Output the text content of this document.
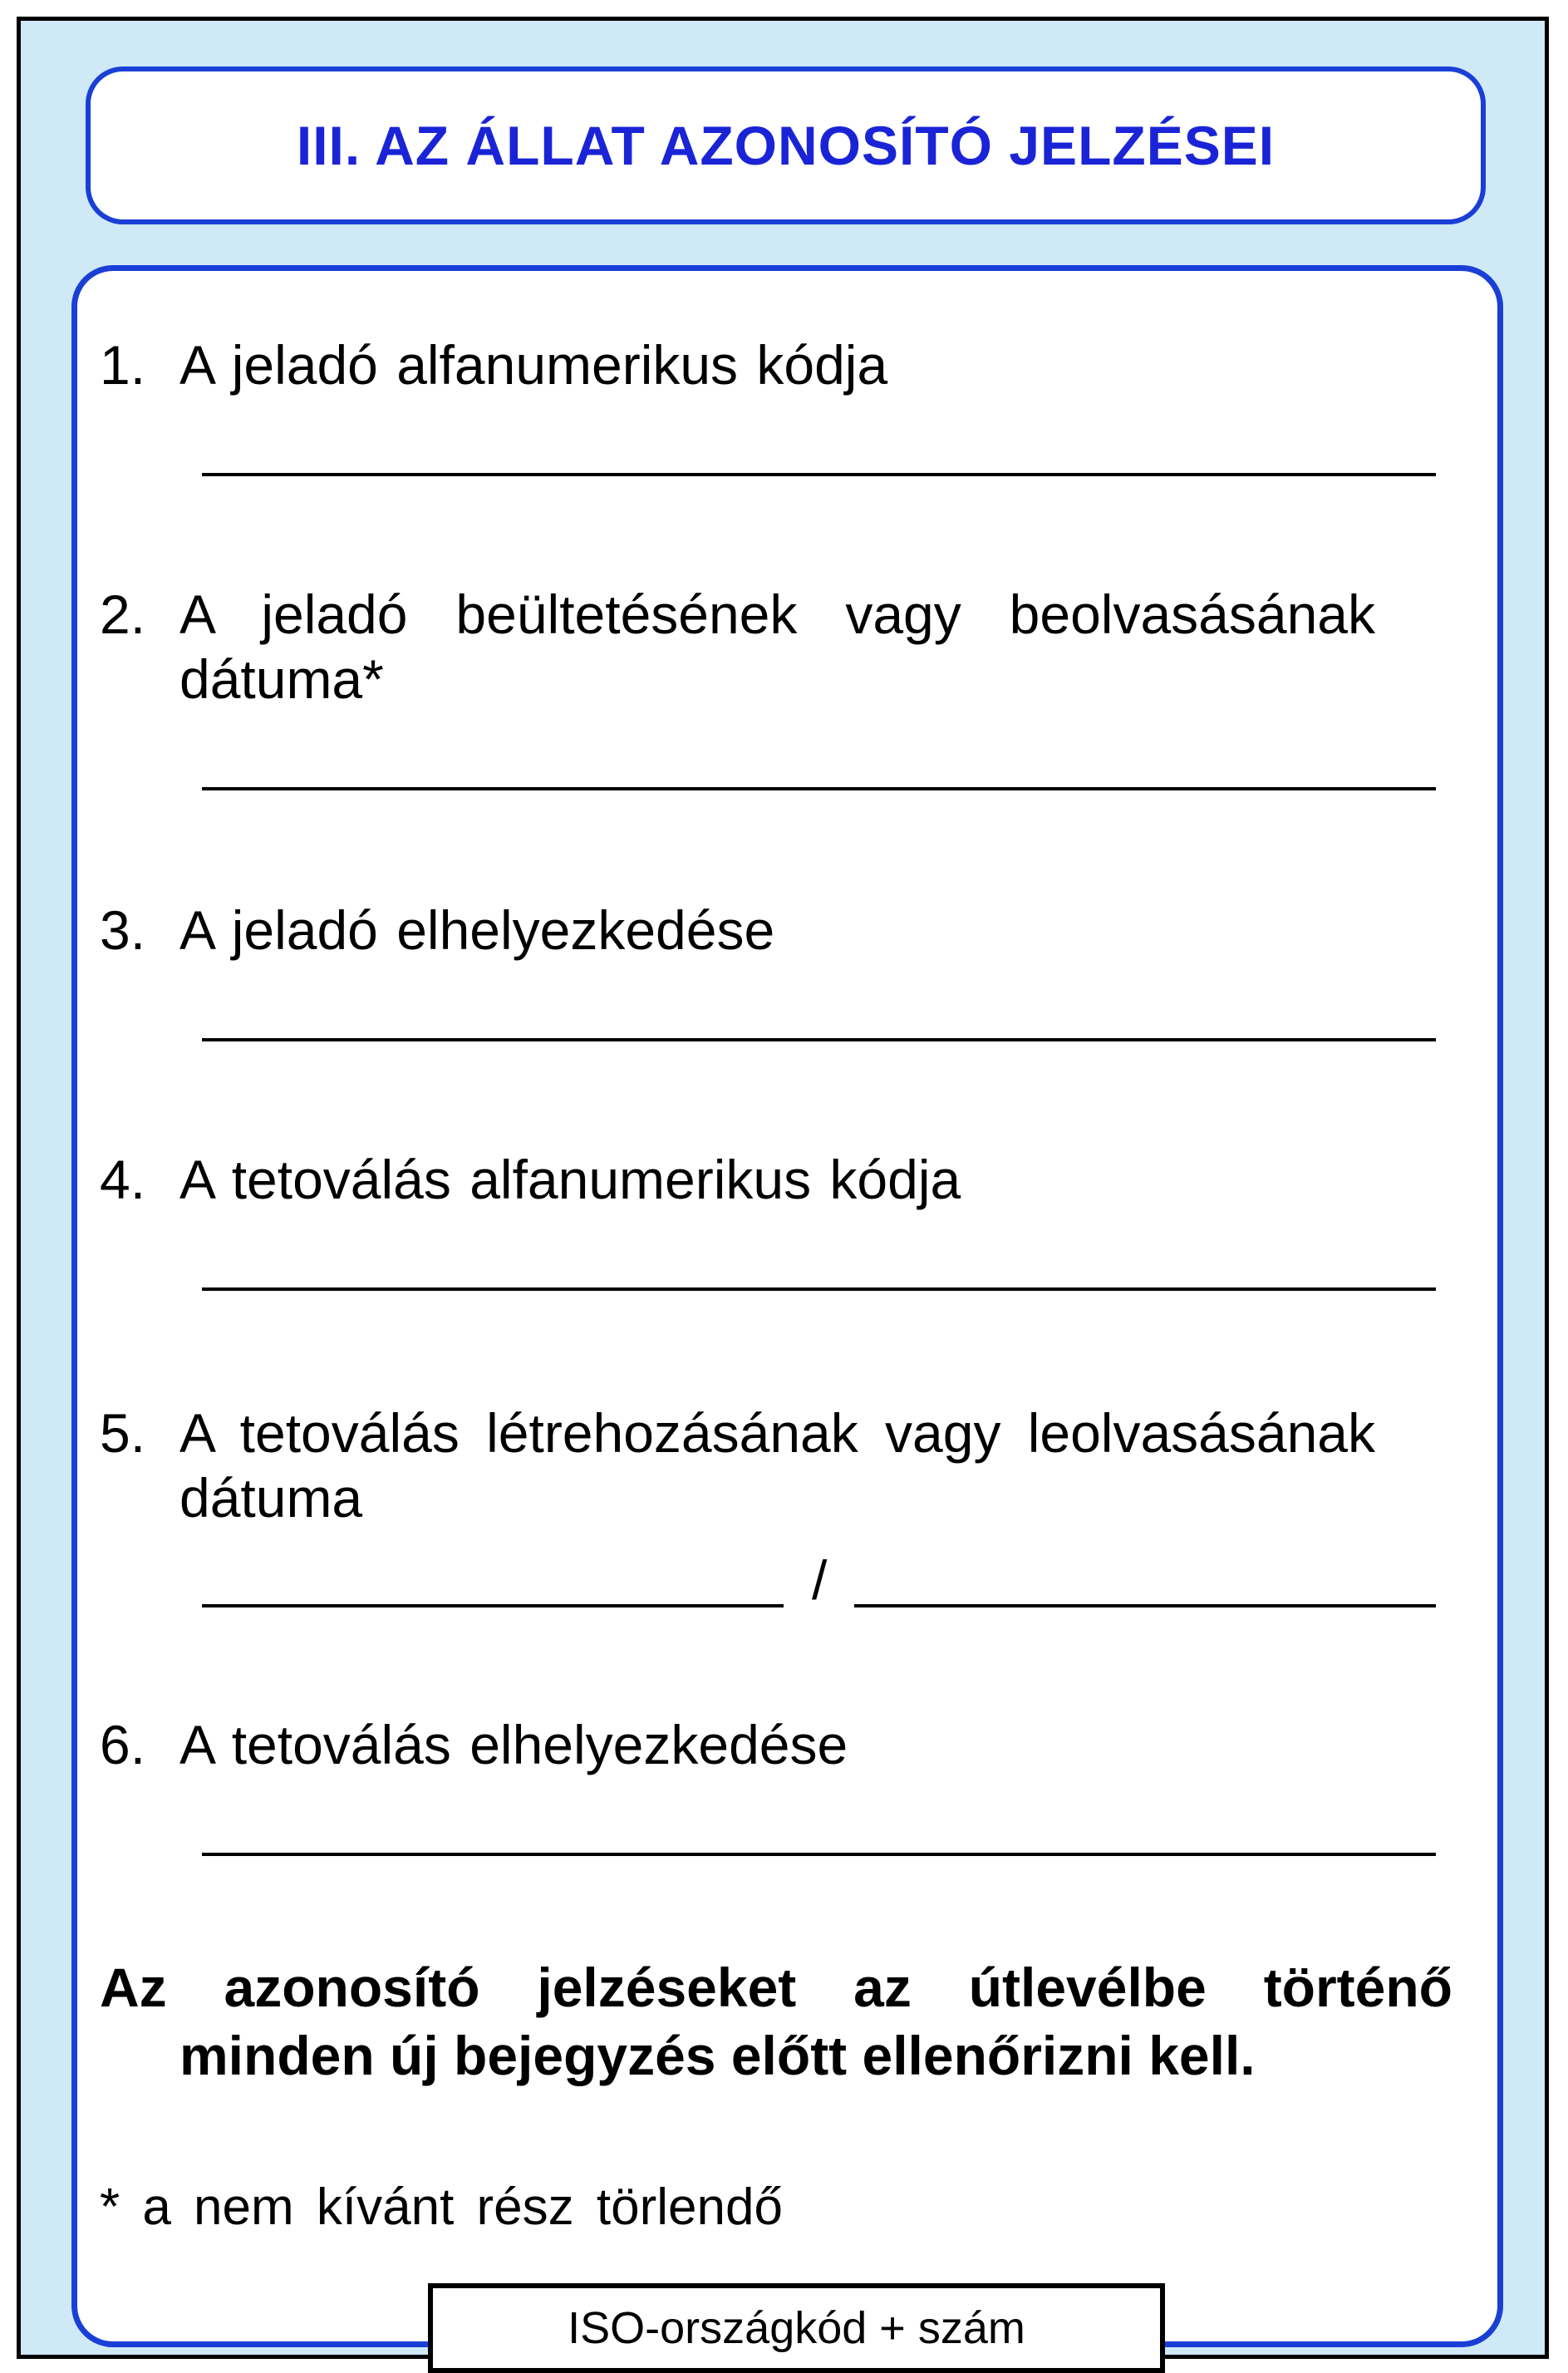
III. AZ ÁLLAT AZONOSÍTÓ JELZÉSEI
1. A jeladó alfanumerikus kódja
2. A jeladó beültetésének vagy beolvasásának dátuma*
3. A jeladó elhelyezkedése
4. A tetoválás alfanumerikus kódja
5. A tetoválás létrehozásának vagy leolvasásának dátuma
/
6. A tetoválás elhelyezkedése
Az azonosító jelzéseket az útlevélbe történő
minden új bejegyzés előtt ellenőrizni kell.
* a nem kívánt rész törlendő
ISO-országkód + szám
